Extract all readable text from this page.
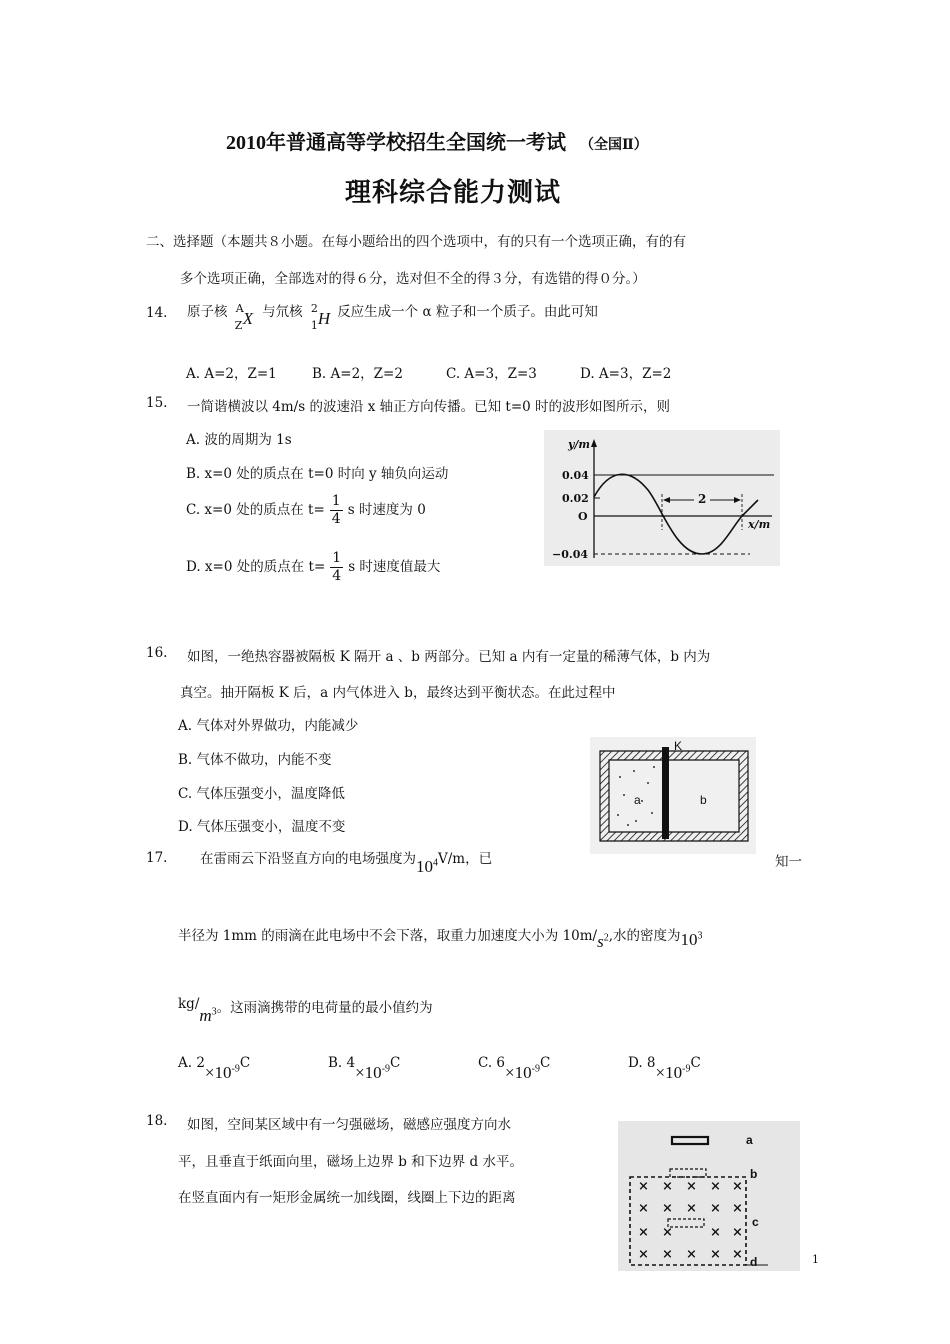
2010年普通高等学校招生全国统一考试 （全国Ⅱ）
理科综合能力测试
二、选择题（本题共８小题。在每小题给出的四个选项中，有的只有一个选项正确，有的有
多个选项正确，全部选对的得６分，选对但不全的得３分，有选错的得０分。）
14. 原子核 A
Z X 与氘核 2
1 H 反应生成一个 α 粒子和一个质子。由此可知
A. A=2，Z=1	B. A=2，Z=2	C. A=3，Z=3	D. A=3，Z=2
15. 一简谐横波以 4m/s 的波速沿 x 轴正方向传播。已知 t=0 时的波形如图所示，则
A. 波的周期为 1s
B. x=0 处的质点在 t=0 时向 y 轴负向运动
C. x=0 处的质点在 $t= \frac{1}{4}$ s 时速度为 0
D. x=0 处的质点在 $t= \frac{1}{4}$ s 时速度值最大
y/m
x/m
0.04
0.02
O
−0.04
2
16. 如图，一绝热容器被隔板 K 隔开 a 、b 两部分。已知 a 内有一定量的稀薄气体，b 内为
真空。抽开隔板 K 后，a 内气体进入 b，最终达到平衡状态。在此过程中
A. 气体对外界做功，内能减少
B. 气体不做功，内能不变
C. 气体压强变小，温度降低
D. 气体压强变小，温度不变
K
a	b
17. 在雷雨云下沿竖直方向的电场强度为$10^4V/m$，已	知一
半径为 1mm 的雨滴在此电场中不会下落，取重力加速度大小为 $10m/s^2$,水的密度为$10^3$
$kg/m^3$。这雨滴携带的电荷量的最小值约为
A. $2\times 10^{-9}C$	B. $4\times 10^{-9}C$	C. $6\times 10^{-9}C$	D. $8\times 10^{-9}C$
18. 如图，空间某区域中有一匀强磁场，磁感应强度方向水
平，且垂直于纸面向里，磁场上边界 b 和下边界 d 水平。
在竖直面内有一矩形金属统一加线圈，线圈上下边的距离
a
b
c
d
× × × × ×
× × × × ×
× ×	× ×
× × × × ×	1
